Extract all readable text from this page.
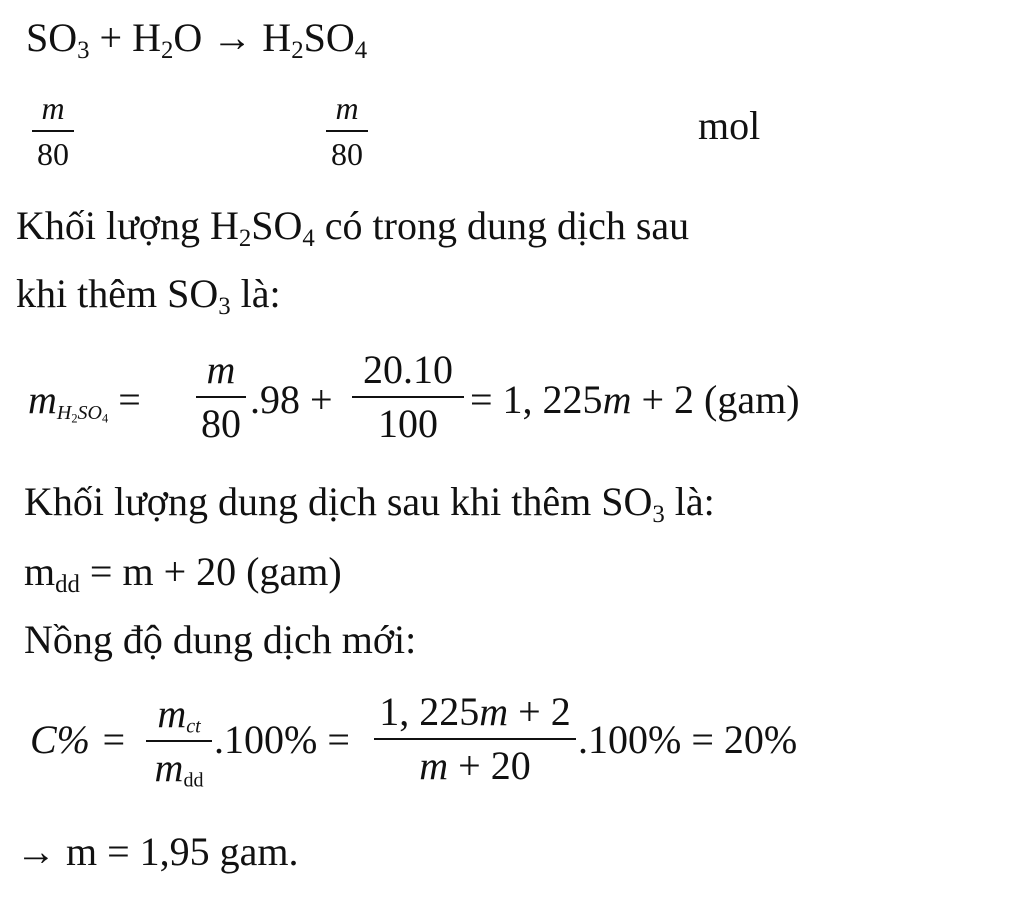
$SO_3 + H_2O \to H_2SO_4$
m
80
m
80
mol
Khối lượng $H_2SO_4$ có trong dung dịch sau
khi thêm $SO_3$ là:
$m_{H_2SO_4}$ =
m
80
.98 +
20.10
100
= 1, 225m + 2 (gam)
Khối lượng dung dịch sau khi thêm $SO_3$ là:
$m_{dd} = m + 20$ (gam)
Nồng độ dung dịch mới:
C% =
$m_{ct}$
$m_{dd}$
.100% =
1, 225m + 2
m + 20
.100% = 20%
→ m = 1,95 gam.
